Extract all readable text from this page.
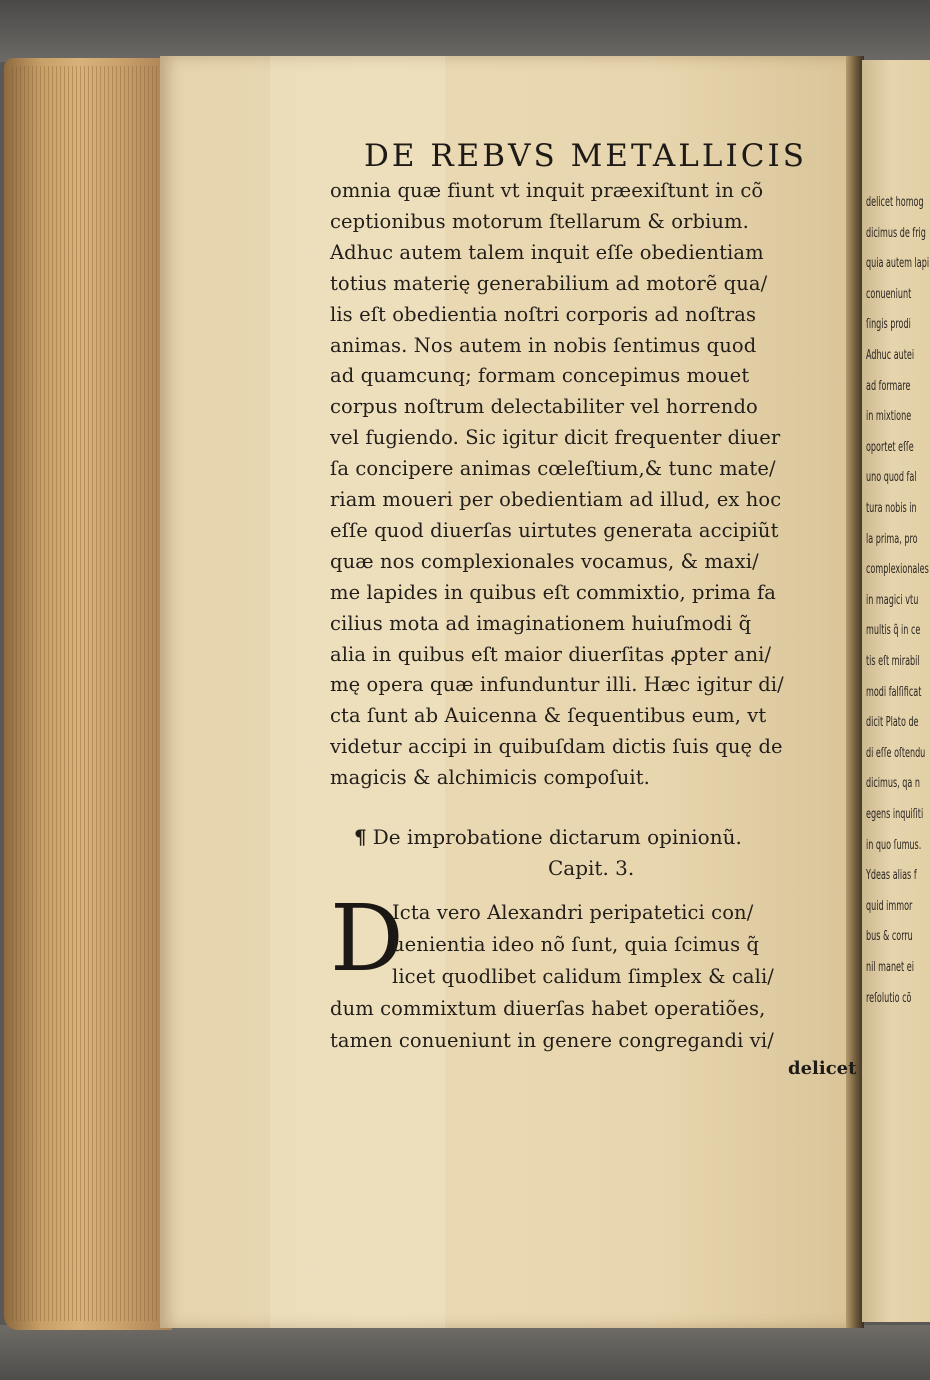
DE REBVS METALLICIS
omnia quæ fiunt vt inquit præexiſtunt in cõ
ceptionibus motorum ſtellarum & orbium.
Adhuc autem talem inquit eſſe obedientiam
totius materię generabilium ad motorẽ qua/
lis eſt obedientia noſtri corporis ad noſtras
animas. Nos autem in nobis ſentimus quod
ad quamcunq; formam concepimus mouet
corpus noſtrum delectabiliter vel horrendo
vel fugiendo. Sic igitur dicit frequenter diuer
ſa concipere animas cœleſtium,& tunc mate/
riam moueri per obedientiam ad illud, ex hoc
eſſe quod diuerſas uirtutes generata accipiũt
quæ nos complexionales vocamus, & maxi/
me lapides in quibus eſt commixtio, prima fa
cilius mota ad imaginationem huiuſmodi q̃
alia in quibus eſt maior diuerſitas ꝓpter ani/
mę opera quæ infunduntur illi. Hæc igitur di/
cta ſunt ab Auicenna & ſequentibus eum, vt
videtur accipi in quibuſdam dictis ſuis quę de
magicis & alchimicis compoſuit.
¶ De improbatione dictarum opinionũ.
Capit. 3.
D
Icta vero Alexandri peripatetici con/
uenientia ideo nõ ſunt, quia ſcimus q̃
licet quodlibet calidum ſimplex & cali/
dum commixtum diuerſas habet operatiões,
tamen conueniunt in genere congregandi vi/
delicet
delicet homog
dicimus de frig
quia autem lapi
conueniunt
ſingis prodi
Adhuc autei
ad formare
in mixtione
oportet eſſe
uno quod fal
tura nobis in
la prima, pro
complexionales
in magici vtu
multis q̃ in ce
tis eſt mirabil
modi falſificat
dicit Plato de
di eſſe oſtendu
dicimus, qa n
egens inquiſiti
in quo ſumus.
Ydeas alias f
quid immor
bus & corru
nil manet ei
reſolutio cõ
